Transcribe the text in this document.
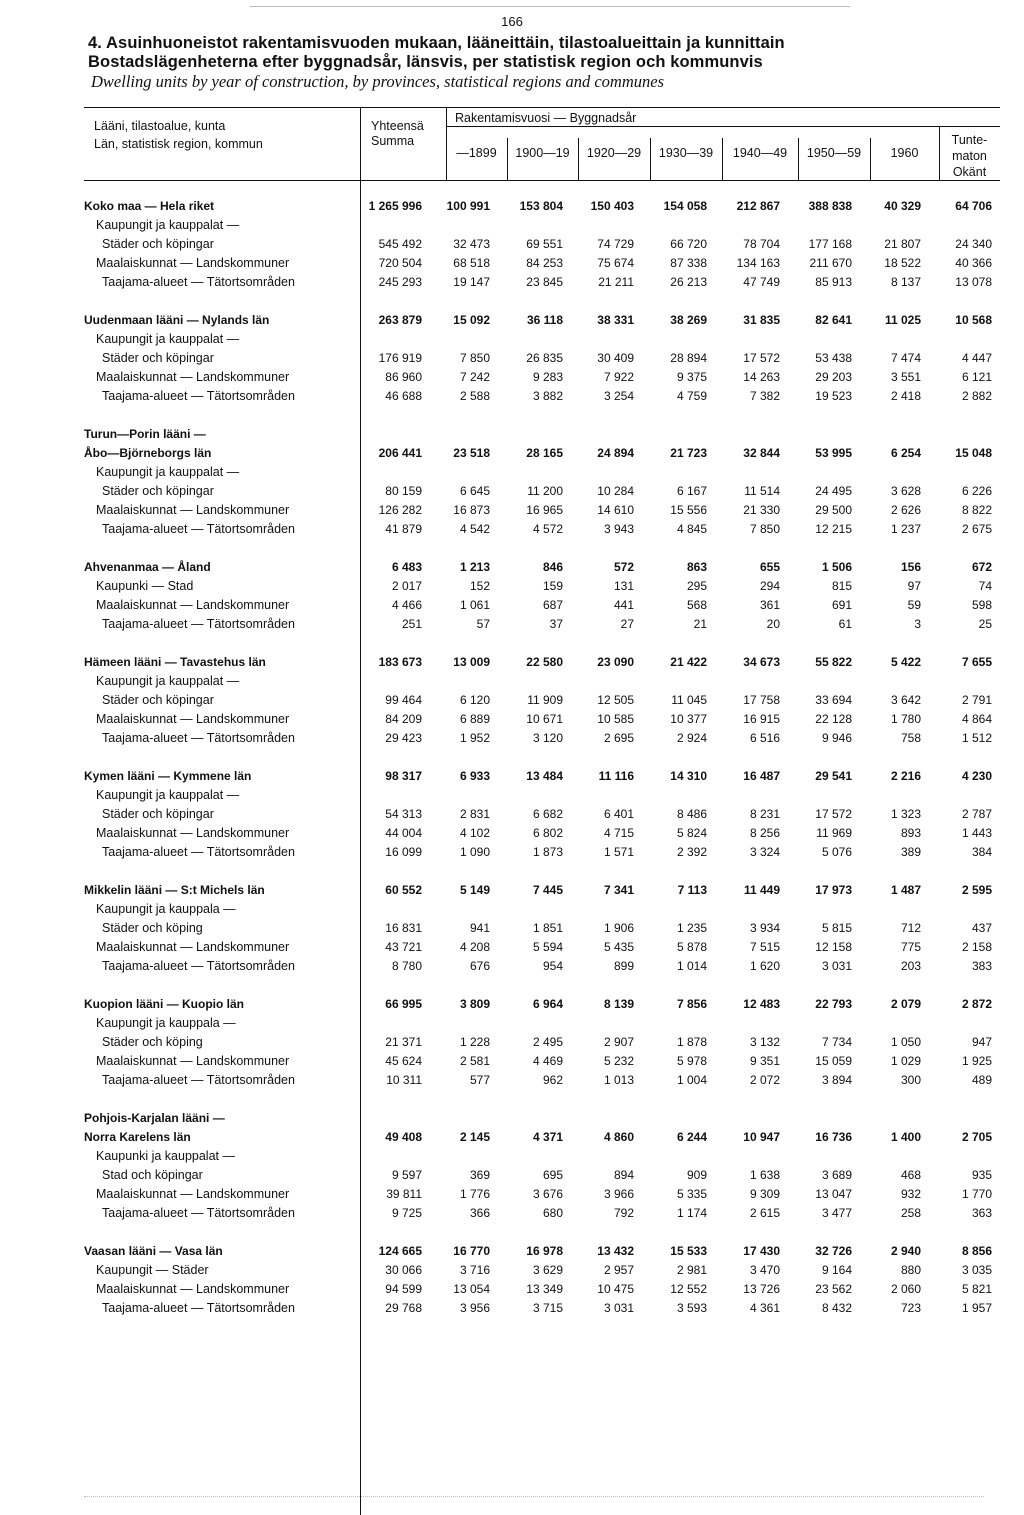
166
4. Asuinhuoneistot rakentamisvuoden mukaan, lääneittäin, tilastoalueittain ja kunnittain
Bostadslägenheterna efter byggnadsår, länsvis, per statistisk region och kommunvis
Dwelling units by year of construction, by provinces, statistical regions and communes
Lääni, tilastoalue, kunta
Län, statistisk region, kommun
Yhteensä
Summa
Rakentamisvuosi — Byggnadsår
—1899	1900—19	1920—29	1930—39	1940—49	1950—59	1960
Tunte-
maton
Okänt
Koko maa — Hela riket	1 265 996	100 991	153 804	150 403	154 058	212 867	388 838	40 329	64 706
Kaupungit ja kauppalat —
Städer och köpingar	545 492	32 473	69 551	74 729	66 720	78 704	177 168	21 807	24 340
Maalaiskunnat — Landskommuner	720 504	68 518	84 253	75 674	87 338	134 163	211 670	18 522	40 366
Taajama-alueet — Tätortsområden	245 293	19 147	23 845	21 211	26 213	47 749	85 913	8 137	13 078
Uudenmaan lääni — Nylands län	263 879	15 092	36 118	38 331	38 269	31 835	82 641	11 025	10 568
Kaupungit ja kauppalat —
Städer och köpingar	176 919	7 850	26 835	30 409	28 894	17 572	53 438	7 474	4 447
Maalaiskunnat — Landskommuner	86 960	7 242	9 283	7 922	9 375	14 263	29 203	3 551	6 121
Taajama-alueet — Tätortsområden	46 688	2 588	3 882	3 254	4 759	7 382	19 523	2 418	2 882
Turun—Porin lääni —
Åbo—Björneborgs län	206 441	23 518	28 165	24 894	21 723	32 844	53 995	6 254	15 048
Kaupungit ja kauppalat —
Städer och köpingar	80 159	6 645	11 200	10 284	6 167	11 514	24 495	3 628	6 226
Maalaiskunnat — Landskommuner	126 282	16 873	16 965	14 610	15 556	21 330	29 500	2 626	8 822
Taajama-alueet — Tätortsområden	41 879	4 542	4 572	3 943	4 845	7 850	12 215	1 237	2 675
Ahvenanmaa — Åland	6 483	1 213	846	572	863	655	1 506	156	672
Kaupunki — Stad	2 017	152	159	131	295	294	815	97	74
Maalaiskunnat — Landskommuner	4 466	1 061	687	441	568	361	691	59	598
Taajama-alueet — Tätortsområden	251	57	37	27	21	20	61	3	25
Hämeen lääni — Tavastehus län	183 673	13 009	22 580	23 090	21 422	34 673	55 822	5 422	7 655
Kaupungit ja kauppalat —
Städer och köpingar	99 464	6 120	11 909	12 505	11 045	17 758	33 694	3 642	2 791
Maalaiskunnat — Landskommuner	84 209	6 889	10 671	10 585	10 377	16 915	22 128	1 780	4 864
Taajama-alueet — Tätortsområden	29 423	1 952	3 120	2 695	2 924	6 516	9 946	758	1 512
Kymen lääni — Kymmene län	98 317	6 933	13 484	11 116	14 310	16 487	29 541	2 216	4 230
Kaupungit ja kauppalat —
Städer och köpingar	54 313	2 831	6 682	6 401	8 486	8 231	17 572	1 323	2 787
Maalaiskunnat — Landskommuner	44 004	4 102	6 802	4 715	5 824	8 256	11 969	893	1 443
Taajama-alueet — Tätortsområden	16 099	1 090	1 873	1 571	2 392	3 324	5 076	389	384
Mikkelin lääni — S:t Michels län	60 552	5 149	7 445	7 341	7 113	11 449	17 973	1 487	2 595
Kaupungit ja kauppala —
Städer och köping	16 831	941	1 851	1 906	1 235	3 934	5 815	712	437
Maalaiskunnat — Landskommuner	43 721	4 208	5 594	5 435	5 878	7 515	12 158	775	2 158
Taajama-alueet — Tätortsområden	8 780	676	954	899	1 014	1 620	3 031	203	383
Kuopion lääni — Kuopio län	66 995	3 809	6 964	8 139	7 856	12 483	22 793	2 079	2 872
Kaupungit ja kauppala —
Städer och köping	21 371	1 228	2 495	2 907	1 878	3 132	7 734	1 050	947
Maalaiskunnat — Landskommuner	45 624	2 581	4 469	5 232	5 978	9 351	15 059	1 029	1 925
Taajama-alueet — Tätortsområden	10 311	577	962	1 013	1 004	2 072	3 894	300	489
Pohjois-Karjalan lääni —
Norra Karelens län	49 408	2 145	4 371	4 860	6 244	10 947	16 736	1 400	2 705
Kaupunki ja kauppalat —
Stad och köpingar	9 597	369	695	894	909	1 638	3 689	468	935
Maalaiskunnat — Landskommuner	39 811	1 776	3 676	3 966	5 335	9 309	13 047	932	1 770
Taajama-alueet — Tätortsområden	9 725	366	680	792	1 174	2 615	3 477	258	363
Vaasan lääni — Vasa län	124 665	16 770	16 978	13 432	15 533	17 430	32 726	2 940	8 856
Kaupungit — Städer	30 066	3 716	3 629	2 957	2 981	3 470	9 164	880	3 035
Maalaiskunnat — Landskommuner	94 599	13 054	13 349	10 475	12 552	13 726	23 562	2 060	5 821
Taajama-alueet — Tätortsområden	29 768	3 956	3 715	3 031	3 593	4 361	8 432	723	1 957
